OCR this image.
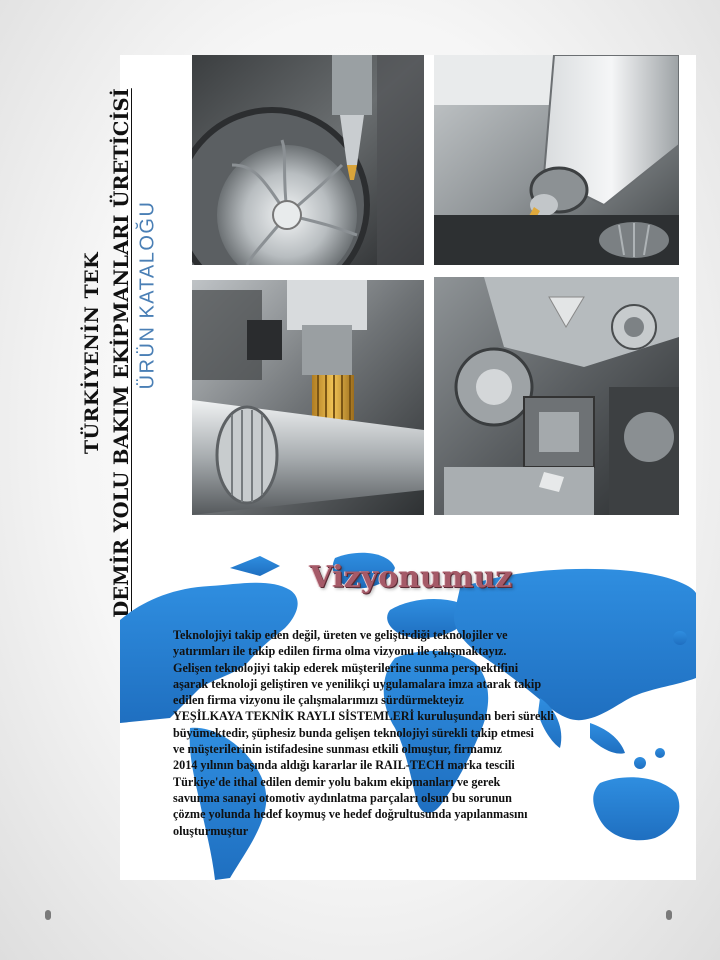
TÜRKİYENİN TEK DEMİR YOLU BAKIM EKİPMANLARI ÜRETİCİSİ ÜRÜN KATALOĞU
Vizyonumuz
Teknolojiyi takip eden değil, üreten ve geliştirdiği teknolojiler ve
yatırımları ile takip edilen firma olma vizyonu ile çalışmaktayız.
Gelişen teknolojiyi takip ederek müşterilerine sunma perspektifini
aşarak teknoloji geliştiren ve yenilikçi uygulamalara imza atarak takip
edilen firma vizyonu ile çalışmalarımızı sürdürmekteyiz
YEŞİLKAYA TEKNİK RAYLI SİSTEMLERİ kuruluşundan beri sürekli
büyümektedir, şüphesiz bunda gelişen teknolojiyi sürekli takip etmesi
ve müşterilerinin istifadesine sunması etkili olmuştur, firmamız
2014 yılının başında aldığı kararlar ile RAIL-TECH marka tescili
Türkiye'de ithal edilen demir yolu bakım ekipmanları ve gerek
savunma sanayi otomotiv aydınlatma parçaları olsun bu sorunun
çözme yolunda hedef koymuş ve hedef doğrultusunda yapılanmasını
oluşturmuştur
